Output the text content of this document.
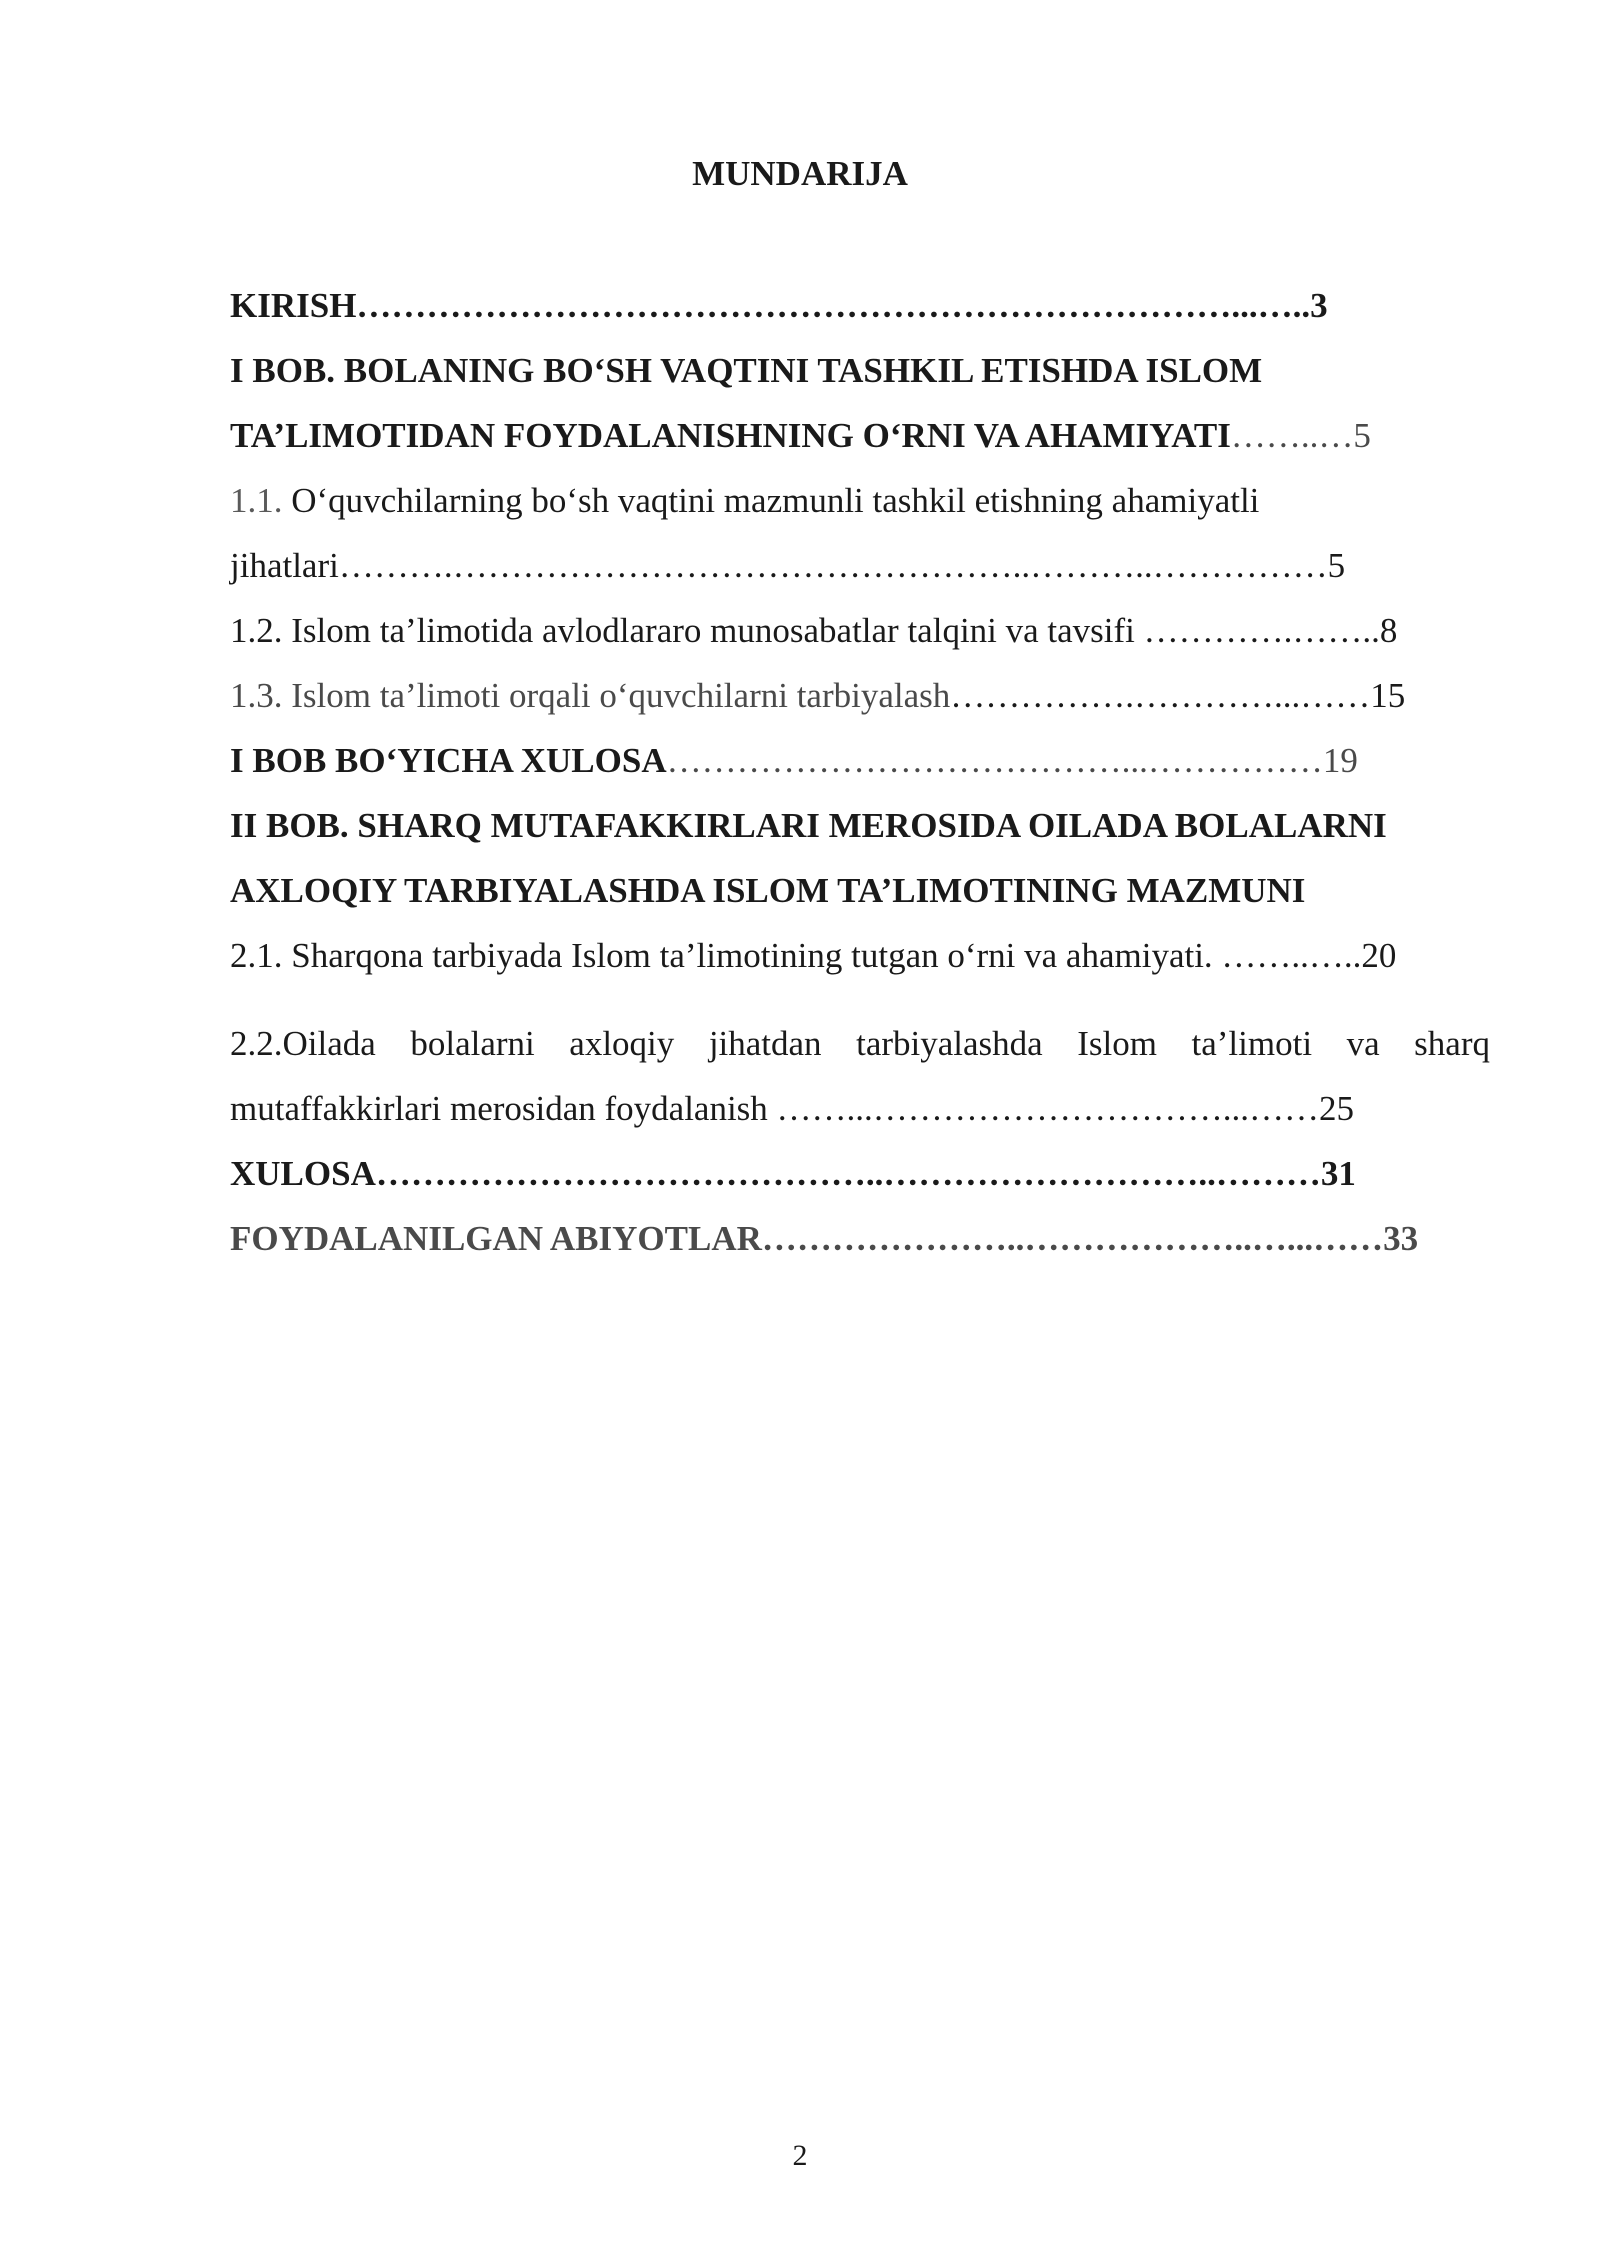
MUNDARIJA
KIRISH…………………………………………………………………...…..3
I BOB. BOLANING BO‘SH VAQTINI TASHKIL ETISHDA ISLOM
TA’LIMOTIDAN FOYDALANISHNING O‘RNI VA AHAMIYATI……..…5
1.1. O‘quvchilarning bo‘sh vaqtini mazmunli tashkil etishning ahamiyatli
jihatlari……….…………………………………………..………..……………5
1.2. Islom ta’limotida avlodlararo munosabatlar talqini va tavsifi ………….……..8
1.3. Islom ta’limoti orqali o‘quvchilarni tarbiyalash…………….…………...……15
I BOB BO‘YICHA XULOSA…………………………………...……………19
II BOB. SHARQ MUTAFAKKIRLARI MEROSIDA OILADA BOLALARNI
AXLOQIY TARBIYALASHDA ISLOM TA’LIMOTINING MAZMUNI
2.1. Sharqona tarbiyada Islom ta’limotining tutgan o‘rni va ahamiyati. ……..…..20
2.2.Oilada bolalarni axloqiy jihatdan tarbiyalashda Islom ta’limoti va sharq
mutaffakkirlari merosidan foydalanish ……...…………………………...……25
XULOSA……………………………………..………………………..………31
FOYDALANILGAN ABIYOTLAR…………………..………………..…...……33
2
